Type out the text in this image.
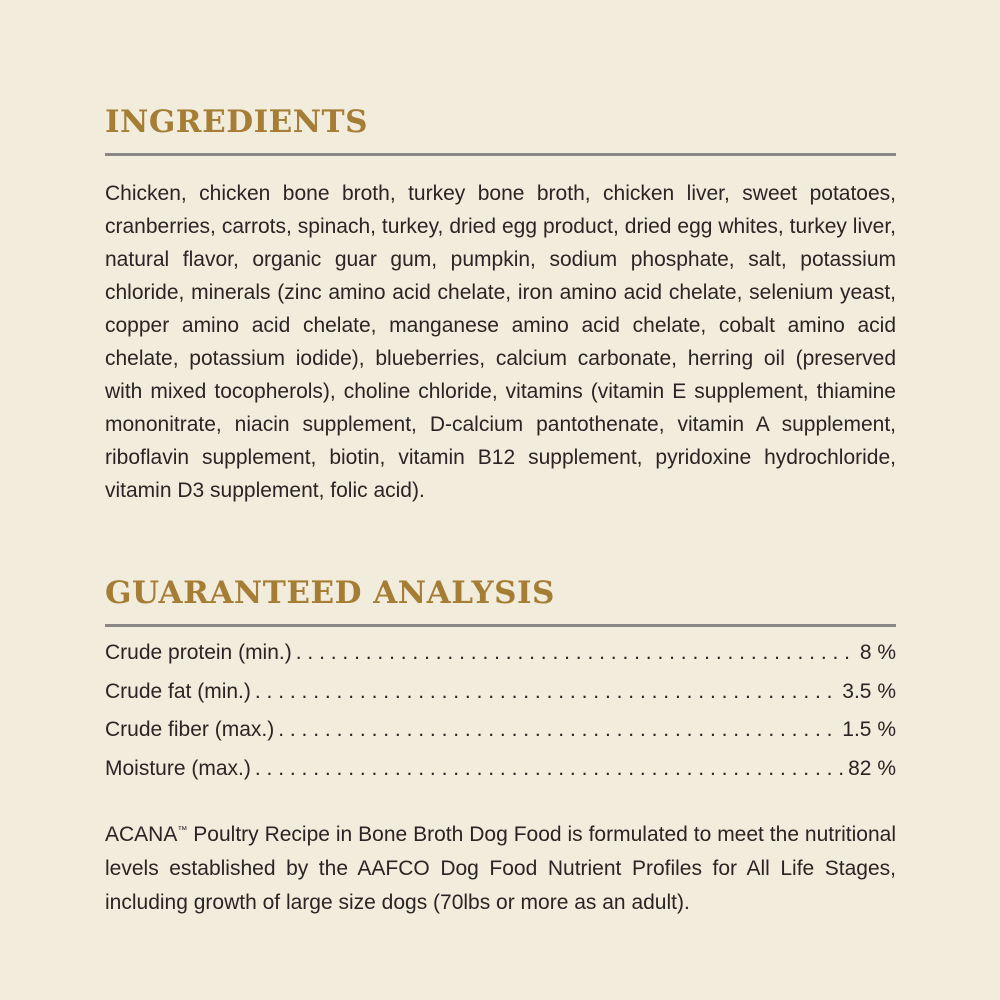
INGREDIENTS

Chicken, chicken bone broth, turkey bone broth, chicken liver, sweet potatoes, cranberries, carrots, spinach, turkey, dried egg product, dried egg whites, turkey liver, natural flavor, organic guar gum, pumpkin, sodium phosphate, salt, potassium chloride, minerals (zinc amino acid chelate, iron amino acid chelate, selenium yeast, copper amino acid chelate, manganese amino acid chelate, cobalt amino acid chelate, potassium iodide), blueberries, calcium carbonate, herring oil (preserved with mixed tocopherols), choline chloride, vitamins (vitamin E supplement, thiamine mononitrate, niacin supplement, D-calcium pantothenate, vitamin A supplement, riboflavin supplement, biotin, vitamin B12 supplement, pyridoxine hydrochloride, vitamin D3 supplement, folic acid).

GUARANTEED ANALYSIS
Crude protein (min.) . . .	8 %
Crude fat (min.) . . .	3.5 %
Crude fiber (max.) . . .	1.5 %
Moisture (max.) . . .	82 %

ACANA™ Poultry Recipe in Bone Broth Dog Food is formulated to meet the nutritional levels established by the AAFCO Dog Food Nutrient Profiles for All Life Stages, including growth of large size dogs (70lbs or more as an adult).
